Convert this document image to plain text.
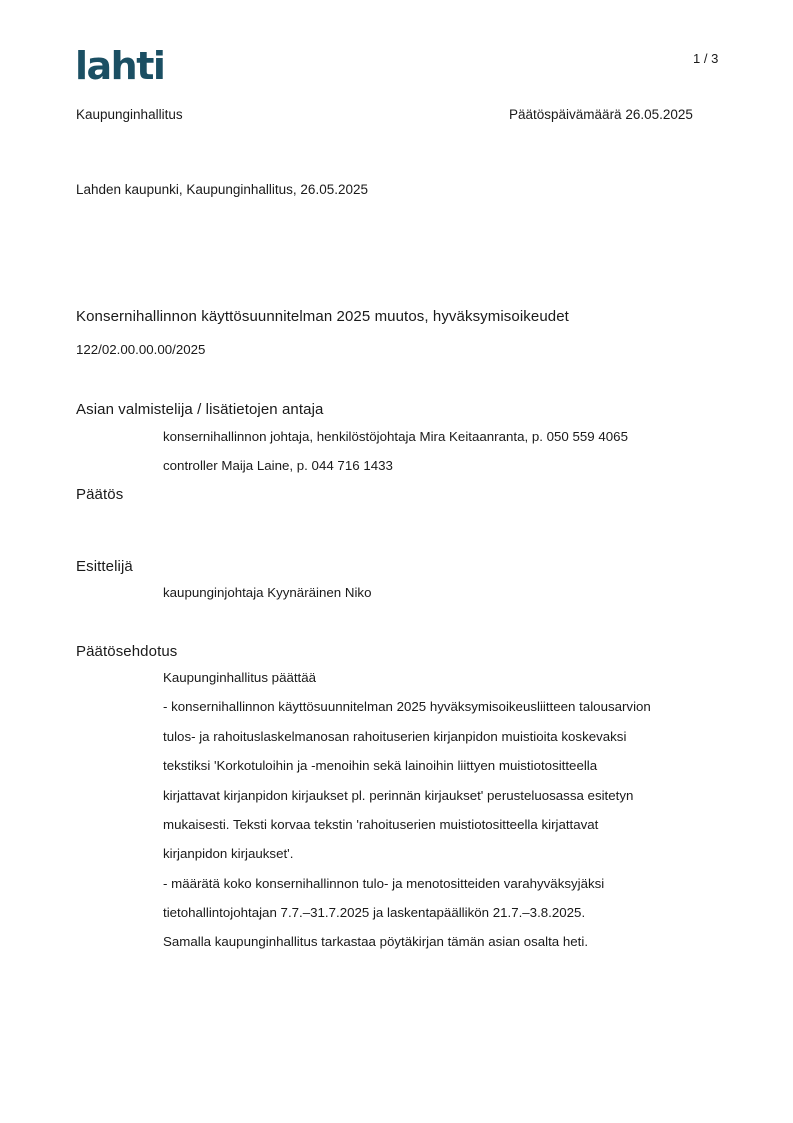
lahti	1 / 3
Kaupunginhallitus	Päätöspäivämäärä 26.05.2025
Lahden kaupunki, Kaupunginhallitus, 26.05.2025
Konsernihallinnon käyttösuunnitelman 2025 muutos, hyväksymisoikeudet
122/02.00.00.00/2025
Asian valmistelija / lisätietojen antaja
konsernihallinnon johtaja, henkilöstöjohtaja Mira Keitaanranta, p. 050 559 4065
controller Maija Laine, p. 044 716 1433
Päätös
Esittelijä
kaupunginjohtaja Kyynäräinen Niko
Päätösehdotus
Kaupunginhallitus päättää
- konsernihallinnon käyttösuunnitelman 2025 hyväksymisoikeusliitteen talousarvion
tulos- ja rahoituslaskelmanosan rahoituserien kirjanpidon muistioita koskevaksi
tekstiksi 'Korkotuloihin ja -menoihin sekä lainoihin liittyen muistiotositteella
kirjattavat kirjanpidon kirjaukset pl. perinnän kirjaukset' perusteluosassa esitetyn
mukaisesti. Teksti korvaa tekstin 'rahoituserien muistiotositteella kirjattavat
kirjanpidon kirjaukset'.
- määrätä koko konsernihallinnon tulo- ja menotositteiden varahyväksyjäksi
tietohallintojohtajan 7.7.–31.7.2025 ja laskentapäällikön 21.7.–3.8.2025.
Samalla kaupunginhallitus tarkastaa pöytäkirjan tämän asian osalta heti.
